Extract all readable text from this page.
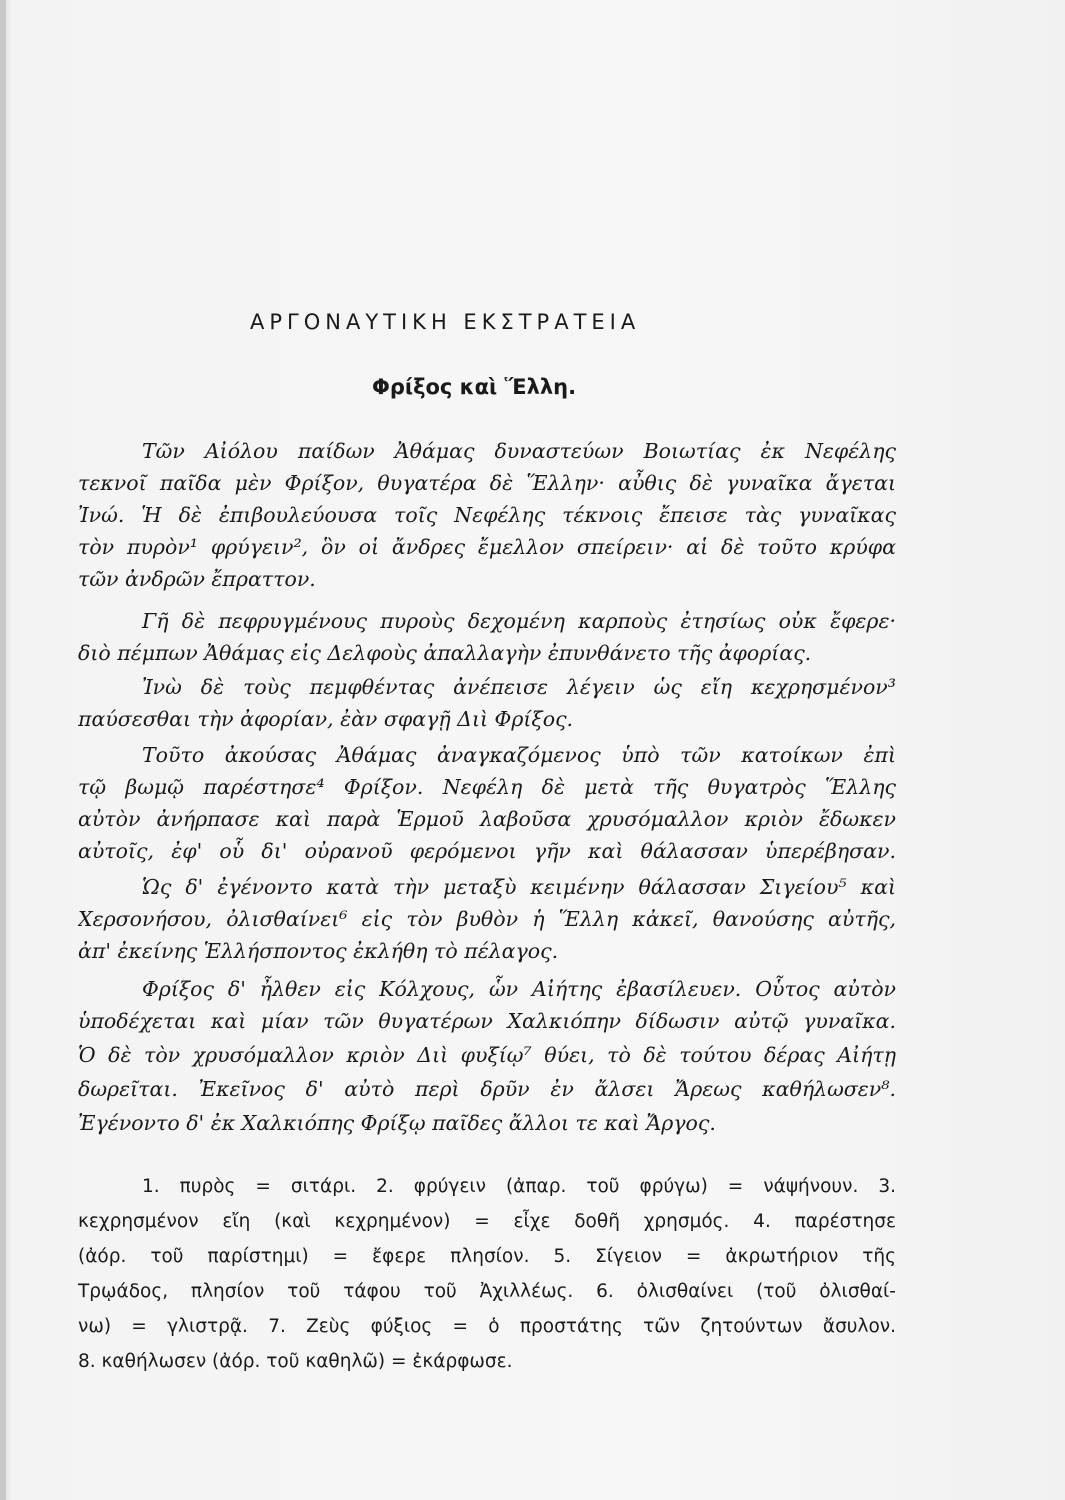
ΑΡΓΟΝΑΥΤΙΚΗ ΕΚΣΤΡΑΤΕΙΑ
Φρίξος καὶ Ἕλλη.
Τῶν Αἰόλου παίδων Ἀθάμας δυναστεύων Βοιωτίας ἐκ Νεφέλης
τεκνοῖ παῖδα μὲν Φρίξον, θυγατέρα δὲ Ἕλλην· αὖθις δὲ γυναῖκα ἄγεται
Ἰνώ. Ἡ δὲ ἐπιβουλεύουσα τοῖς Νεφέλης τέκνοις ἔπεισε τὰς γυναῖκας
τὸν πυρὸν¹ φρύγειν², ὃν οἱ ἄνδρες ἔμελλον σπείρειν· αἱ δὲ τοῦτο κρύφα
τῶν ἀνδρῶν ἔπραττον.
Γῆ δὲ πεφρυγμένους πυροὺς δεχομένη καρποὺς ἐτησίως οὐκ ἔφερε·
διὸ πέμπων Ἀθάμας εἰς Δελφοὺς ἀπαλλαγὴν ἐπυνθάνετο τῆς ἀφορίας.
Ἰνὼ δὲ τοὺς πεμφθέντας ἀνέπεισε λέγειν ὡς εἴη κεχρησμένον³
παύσεσθαι τὴν ἀφορίαν, ἐὰν σφαγῇ Διὶ Φρίξος.
Τοῦτο ἀκούσας Ἀθάμας ἀναγκαζόμενος ὑπὸ τῶν κατοίκων ἐπὶ
τῷ βωμῷ παρέστησε⁴ Φρίξον. Νεφέλη δὲ μετὰ τῆς θυγατρὸς Ἕλλης
αὐτὸν ἀνήρπασε καὶ παρὰ Ἑρμοῦ λαβοῦσα χρυσόμαλλον κριὸν ἔδωκεν
αὐτοῖς, ἐφ' οὗ δι' οὐρανοῦ φερόμενοι γῆν καὶ θάλασσαν ὑπερέβησαν.
Ὡς δ' ἐγένοντο κατὰ τὴν μεταξὺ κειμένην θάλασσαν Σιγείου⁵ καὶ
Χερσονήσου, ὀλισθαίνει⁶ εἰς τὸν βυθὸν ἡ Ἕλλη κἀκεῖ, θανούσης αὐτῆς,
ἀπ' ἐκείνης Ἑλλήσποντος ἐκλήθη τὸ πέλαγος.
Φρίξος δ' ἦλθεν εἰς Κόλχους, ὧν Αἰήτης ἐβασίλευεν. Οὗτος αὐτὸν
ὑποδέχεται καὶ μίαν τῶν θυγατέρων Χαλκιόπην δίδωσιν αὐτῷ γυναῖκα.
Ὁ δὲ τὸν χρυσόμαλλον κριὸν Διὶ φυξίῳ⁷ θύει, τὸ δὲ τούτου δέρας Αἰήτῃ
δωρεῖται. Ἐκεῖνος δ' αὐτὸ περὶ δρῦν ἐν ἄλσει Ἄρεως καθήλωσεν⁸.
Ἐγένοντο δ' ἐκ Χαλκιόπης Φρίξῳ παῖδες ἄλλοι τε καὶ Ἄργος.
1. πυρὸς = σιτάρι. 2. φρύγειν (ἀπαρ. τοῦ φρύγω) = νάψήνουν. 3.
κεχρησμένον εἴη (καὶ κεχρημένον) = εἶχε δοθῆ χρησμός. 4. παρέστησε
(ἀόρ. τοῦ παρίστημι) = ἔφερε πλησίον. 5. Σίγειον = ἀκρωτήριον τῆς
Τρῳάδος, πλησίον τοῦ τάφου τοῦ Ἀχιλλέως. 6. ὀλισθαίνει (τοῦ ὀλισθαί-
νω) = γλιστρᾷ. 7. Ζεὺς φύξιος = ὁ προστάτης τῶν ζητούντων ἄσυλον.
8. καθήλωσεν (ἀόρ. τοῦ καθηλῶ) = ἐκάρφωσε.
